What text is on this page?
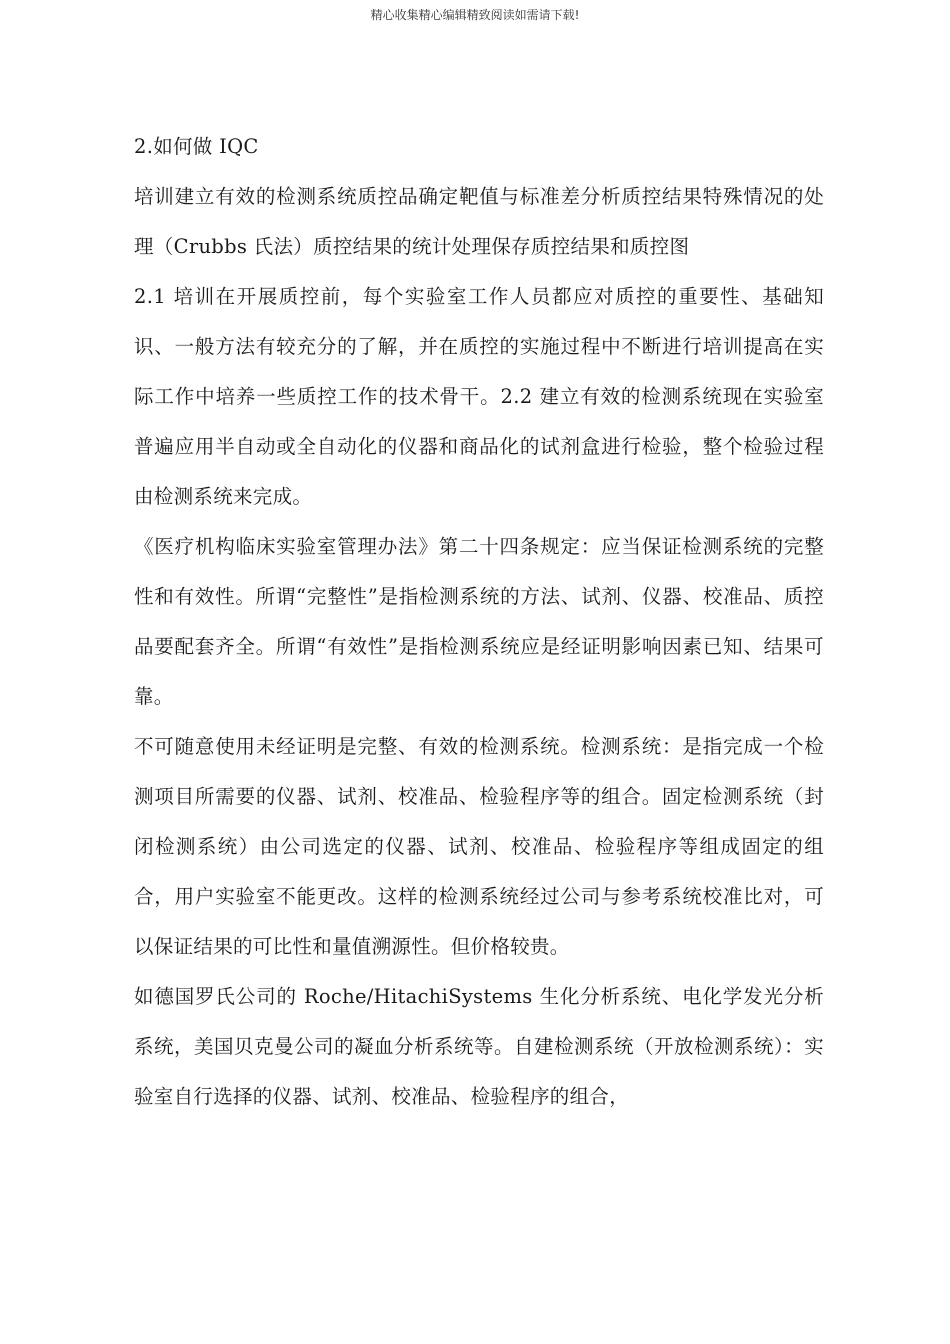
精心收集精心编辑精致阅读如需请下载!

2.如何做 IQC

培训建立有效的检测系统质控品确定靶值与标准差分析质控结果特殊情况的处理（Crubbs 氏法）质控结果的统计处理保存质控结果和质控图

2.1 培训在开展质控前，每个实验室工作人员都应对质控的重要性、基础知识、一般方法有较充分的了解，并在质控的实施过程中不断进行培训提高在实际工作中培养一些质控工作的技术骨干。2.2 建立有效的检测系统现在实验室普遍应用半自动或全自动化的仪器和商品化的试剂盒进行检验，整个检验过程由检测系统来完成。

《医疗机构临床实验室管理办法》第二十四条规定：应当保证检测系统的完整性和有效性。所谓“完整性”是指检测系统的方法、试剂、仪器、校准品、质控品要配套齐全。所谓“有效性”是指检测系统应是经证明影响因素已知、结果可靠。

不可随意使用未经证明是完整、有效的检测系统。检测系统：是指完成一个检测项目所需要的仪器、试剂、校准品、检验程序等的组合。固定检测系统（封闭检测系统）由公司选定的仪器、试剂、校准品、检验程序等组成固定的组合，用户实验室不能更改。这样的检测系统经过公司与参考系统校准比对，可以保证结果的可比性和量值溯源性。但价格较贵。

如德国罗氏公司的 Roche/HitachiSystems 生化分析系统、电化学发光分析系统，美国贝克曼公司的凝血分析系统等。自建检测系统（开放检测系统）：实验室自行选择的仪器、试剂、校准品、检验程序的组合，
